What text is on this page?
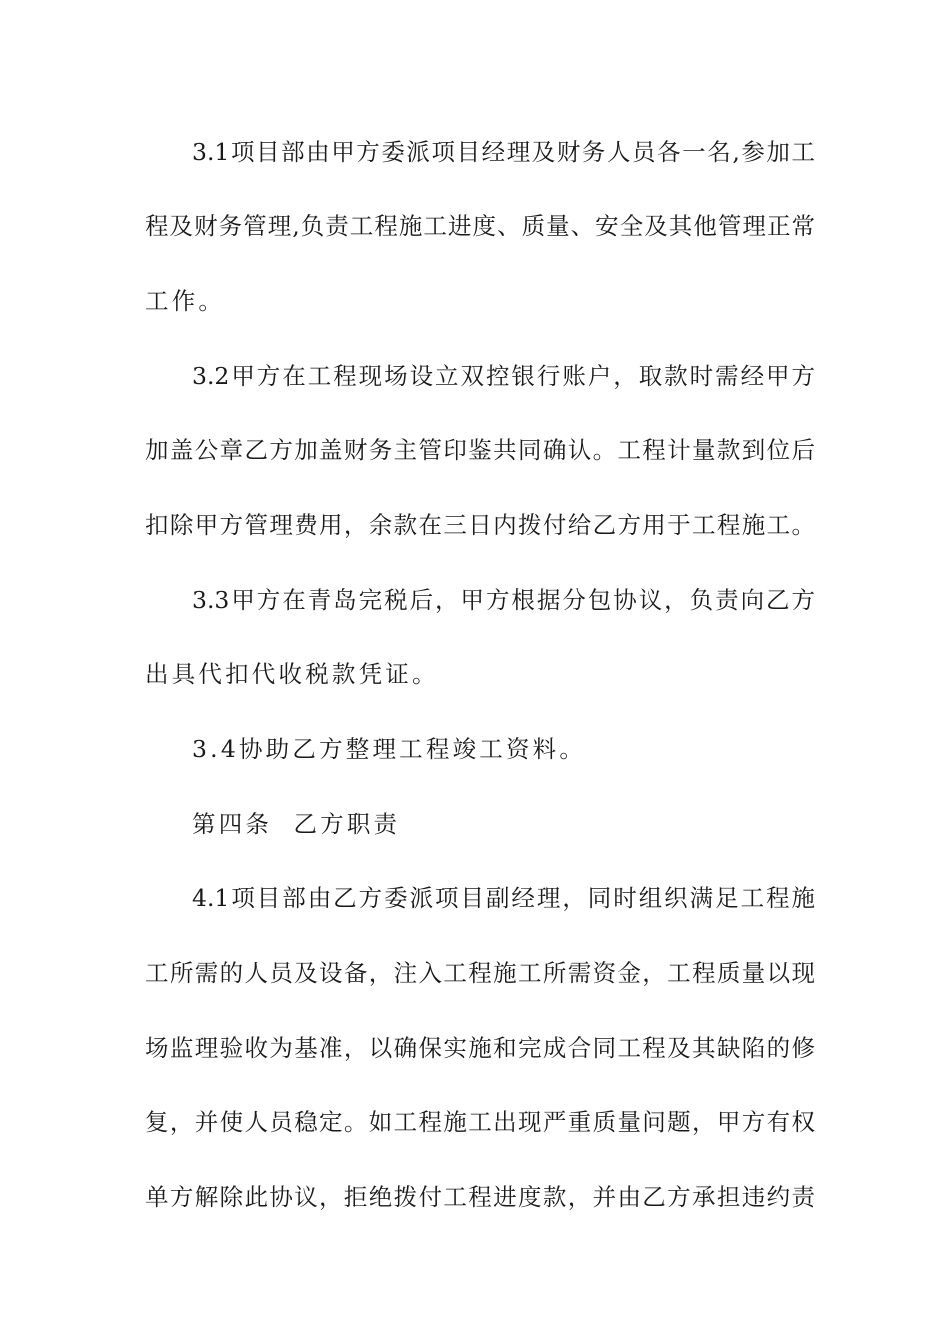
3.1项目部由甲方委派项目经理及财务人员各一名,参加工
程及财务管理,负责工程施工进度、质量、安全及其他管理正常
工作。
3.2甲方在工程现场设立双控银行账户，取款时需经甲方
加盖公章乙方加盖财务主管印鉴共同确认。工程计量款到位后
扣除甲方管理费用，余款在三日内拨付给乙方用于工程施工。
3.3甲方在青岛完税后，甲方根据分包协议，负责向乙方
出具代扣代收税款凭证。
3.4协助乙方整理工程竣工资料。
第四条  乙方职责
4.1项目部由乙方委派项目副经理，同时组织满足工程施
工所需的人员及设备，注入工程施工所需资金，工程质量以现
场监理验收为基准，以确保实施和完成合同工程及其缺陷的修
复，并使人员稳定。如工程施工出现严重质量问题，甲方有权
单方解除此协议，拒绝拨付工程进度款，并由乙方承担违约责
